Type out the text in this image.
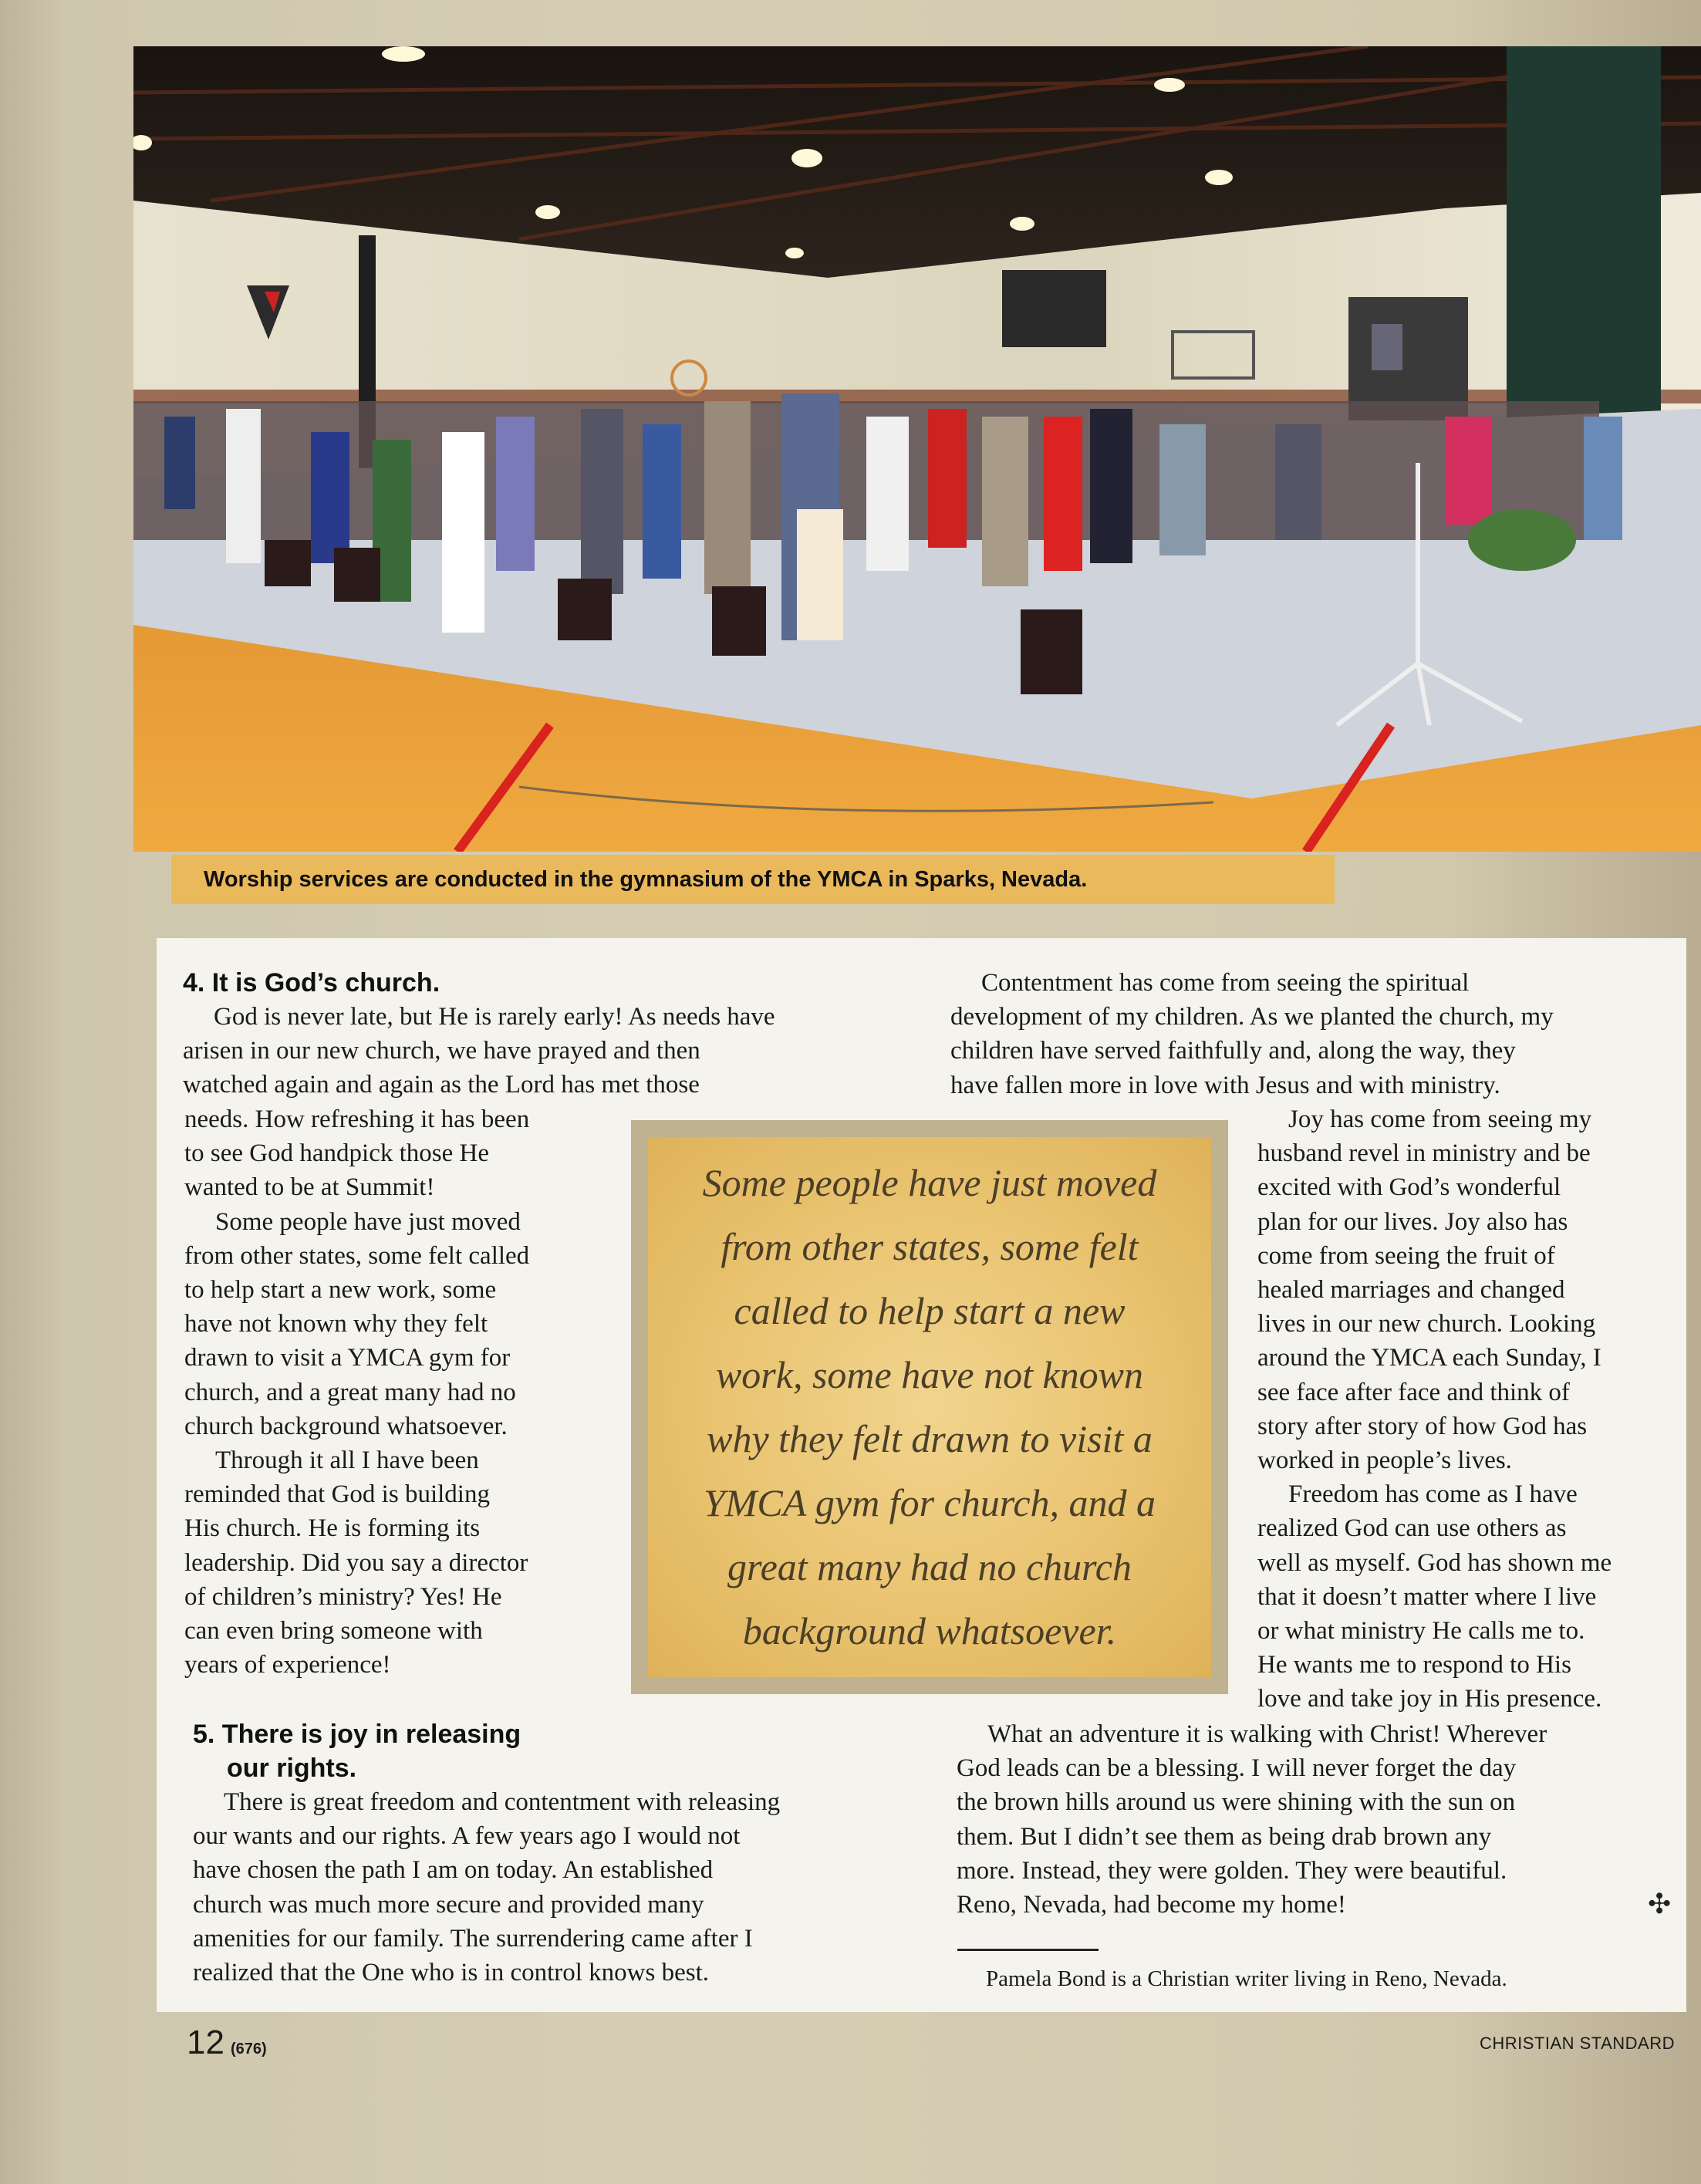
Worship services are conducted in the gymnasium of the YMCA in Sparks, Nevada.
4. It is God’s church.

God is never late, but He is rarely early! As needs have

arisen in our new church, we have prayed and then

watched again and again as the Lord has met those

needs. How refreshing it has been

to see God handpick those He

wanted to be at Summit!

Some people have just moved

from other states, some felt called

to help start a new work, some

have not known why they felt

drawn to visit a YMCA gym for

church, and a great many had no

church background whatsoever.

Through it all I have been

reminded that God is building

His church. He is forming its

leadership. Did you say a director

of children’s ministry? Yes! He

can even bring someone with

years of experience!

5. There is joy in releasing
our rights.

There is great freedom and contentment with releasing

our wants and our rights. A few years ago I would not

have chosen the path I am on today. An established

church was much more secure and provided many

amenities for our family. The surrendering came after I

realized that the One who is in control knows best.

Some people have just moved
from other states, some felt
called to help start a new
work, some have not known
why they felt drawn to visit a
YMCA gym for church, and a
great many had no church
background whatsoever.

Contentment has come from seeing the spiritual

development of my children. As we planted the church, my

children have served faithfully and, along the way, they

have fallen more in love with Jesus and with ministry.

Joy has come from seeing my

husband revel in ministry and be

excited with God’s wonderful

plan for our lives. Joy also has

come from seeing the fruit of

healed marriages and changed

lives in our new church. Looking

around the YMCA each Sunday, I

see face after face and think of

story after story of how God has

worked in people’s lives.

Freedom has come as I have

realized God can use others as

well as myself. God has shown me

that it doesn’t matter where I live

or what ministry He calls me to.

He wants me to respond to His

love and take joy in His presence.

What an adventure it is walking with Christ! Wherever

God leads can be a blessing. I will never forget the day

the brown hills around us were shining with the sun on

them. But I didn’t see them as being drab brown any

more. Instead, they were golden. They were beautiful.

Reno, Nevada, had become my home!	✣
Pamela Bond is a Christian writer living in Reno, Nevada.
12 (676)	CHRISTIAN STANDARD
